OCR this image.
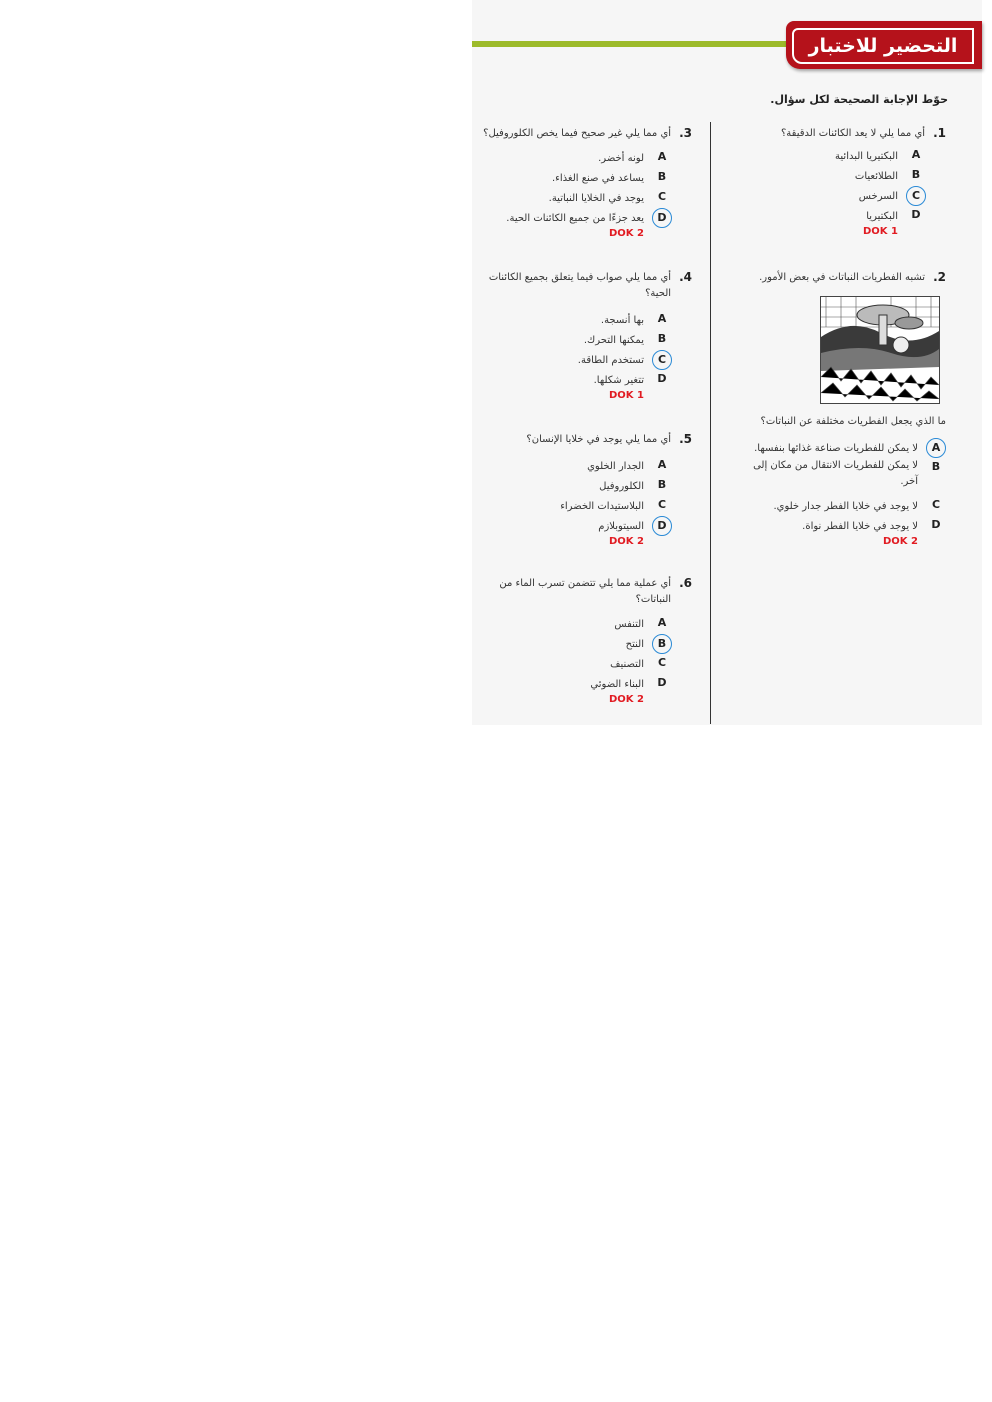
التحضير للاختبار
حوّط الإجابة الصحيحة لكل سؤال.
1.
أي مما يلي لا يعد الكائنات الدقيقة؟
A
البكتيريا البدائية
B
الطلائعيات
C
السرخس
D
البكتيريا
DOK 1
2.
تشبه الفطريات النباتات في بعض الأمور.
ما الذي يجعل الفطريات مختلفة عن النباتات؟
A
لا يمكن للفطريات صناعة غذائها بنفسها.
B
لا يمكن للفطريات الانتقال من مكان إلى آخر.
C
لا يوجد في خلايا الفطر جدار خلوي.
D
لا يوجد في خلايا الفطر نواة.
DOK 2
3.
أي مما يلي غير صحيح فيما يخص الكلوروفيل؟
A
لونه أخضر.
B
يساعد في صنع الغذاء.
C
يوجد في الخلايا النباتية.
D
يعد جزءًا من جميع الكائنات الحية.
DOK 2
4.
أي مما يلي صواب فيما يتعلق بجميع الكائنات الحية؟
A
بها أنسجة.
B
يمكنها التحرك.
C
تستخدم الطاقة.
D
تتغير شكلها.
DOK 1
5.
أي مما يلي يوجد في خلايا الإنسان؟
A
الجدار الخلوي
B
الكلوروفيل
C
البلاستيدات الخضراء
D
السيتوبلازم
DOK 2
6.
أي عملية مما يلي تتضمن تسرب الماء من النباتات؟
A
التنفس
B
النتح
C
التصنيف
D
البناء الضوئي
DOK 2
